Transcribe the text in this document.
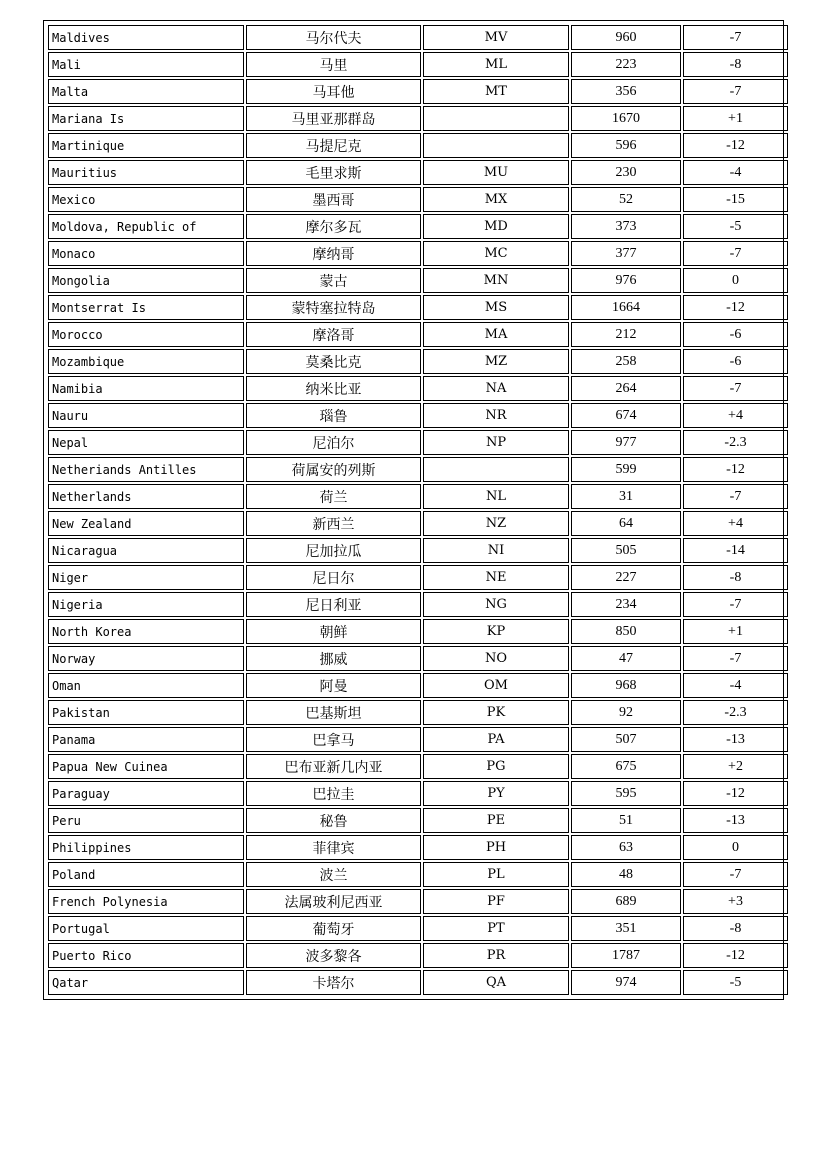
Maldives	马尔代夫	MV	960	-7
Mali	马里	ML	223	-8
Malta	马耳他	MT	356	-7
Mariana Is	马里亚那群岛		1670	+1
Martinique	马提尼克		596	-12
Mauritius	毛里求斯	MU	230	-4
Mexico	墨西哥	MX	52	-15
Moldova, Republic of	摩尔多瓦	MD	373	-5
Monaco	摩纳哥	MC	377	-7
Mongolia	蒙古	MN	976	0
Montserrat Is	蒙特塞拉特岛	MS	1664	-12
Morocco	摩洛哥	MA	212	-6
Mozambique	莫桑比克	MZ	258	-6
Namibia	纳米比亚	NA	264	-7
Nauru	瑙鲁	NR	674	+4
Nepal	尼泊尔	NP	977	-2.3
Netheriands Antilles	荷属安的列斯		599	-12
Netherlands	荷兰	NL	31	-7
New Zealand	新西兰	NZ	64	+4
Nicaragua	尼加拉瓜	NI	505	-14
Niger	尼日尔	NE	227	-8
Nigeria	尼日利亚	NG	234	-7
North Korea	朝鲜	KP	850	+1
Norway	挪威	NO	47	-7
Oman	阿曼	OM	968	-4
Pakistan	巴基斯坦	PK	92	-2.3
Panama	巴拿马	PA	507	-13
Papua New Cuinea	巴布亚新几内亚	PG	675	+2
Paraguay	巴拉圭	PY	595	-12
Peru	秘鲁	PE	51	-13
Philippines	菲律宾	PH	63	0
Poland	波兰	PL	48	-7
French Polynesia	法属玻利尼西亚	PF	689	+3
Portugal	葡萄牙	PT	351	-8
Puerto Rico	波多黎各	PR	1787	-12
Qatar	卡塔尔	QA	974	-5
